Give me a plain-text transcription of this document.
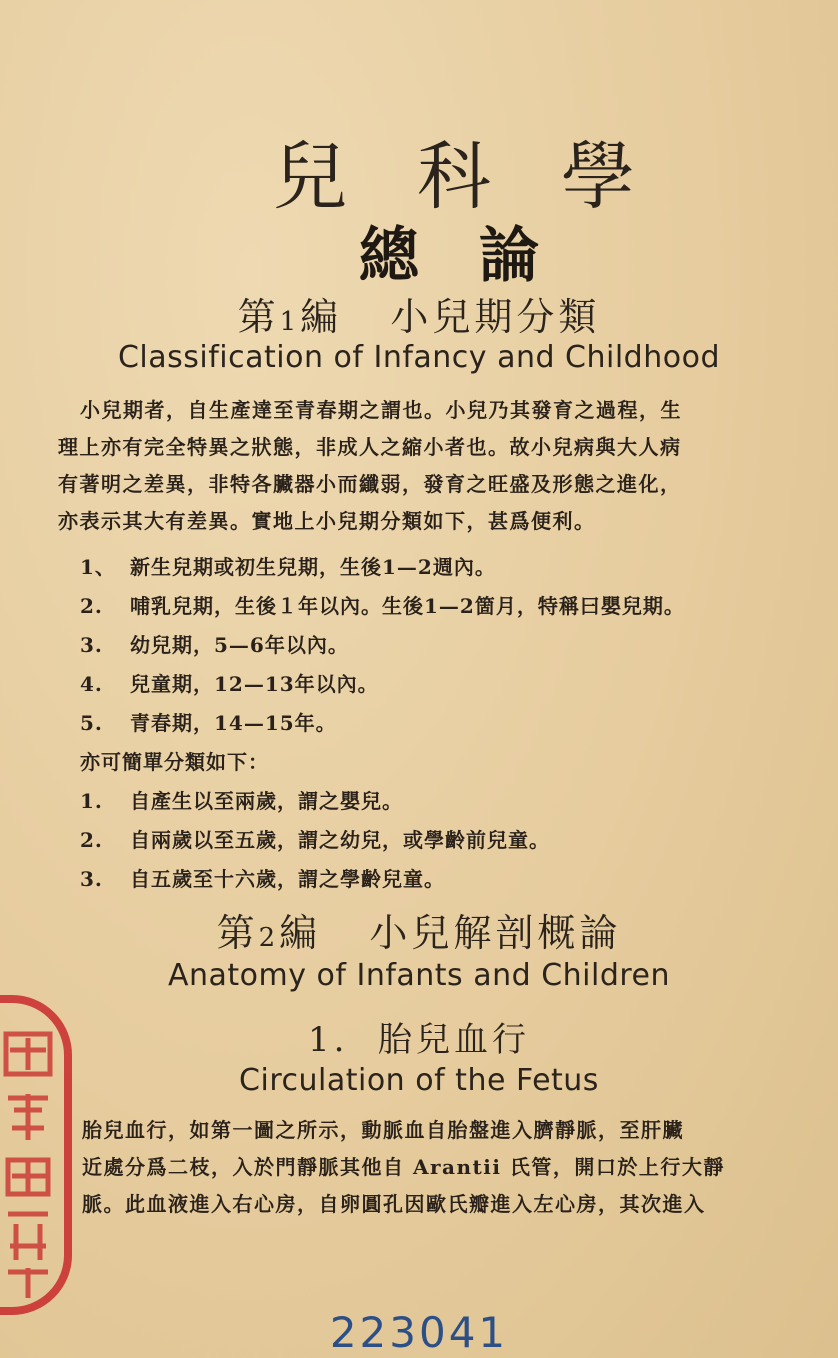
兒科學
總論
第1編 小兒期分類
Classification of Infancy and Childhood
小兒期者，自生產達至青春期之謂也。小兒乃其發育之過程，生
理上亦有完全特異之狀態，非成人之縮小者也。故小兒病與大人病
有著明之差異，非特各臟器小而纖弱，發育之旺盛及形態之進化，
亦表示其大有差異。實地上小兒期分類如下，甚爲便利。
1、 新生兒期或初生兒期，生後1—2週內。
2. 哺乳兒期，生後１年以內。生後1—2箇月，特稱曰嬰兒期。
3. 幼兒期，5—6年以內。
4. 兒童期，12—13年以內。
5. 青春期，14—15年。
亦可簡單分類如下：
1. 自產生以至兩歲，謂之嬰兒。
2. 自兩歲以至五歲，謂之幼兒，或學齡前兒童。
3. 自五歲至十六歲，謂之學齡兒童。
第2編 小兒解剖概論
Anatomy of Infants and Children
1. 胎兒血行
Circulation of the Fetus
胎兒血行，如第一圖之所示，動脈血自胎盤進入臍靜脈，至肝臟
近處分爲二枝，入於門靜脈其他自 Arantii 氏管，開口於上行大靜
脈。此血液進入右心房，自卵圓孔因歐氏瓣進入左心房，其次進入
223041
